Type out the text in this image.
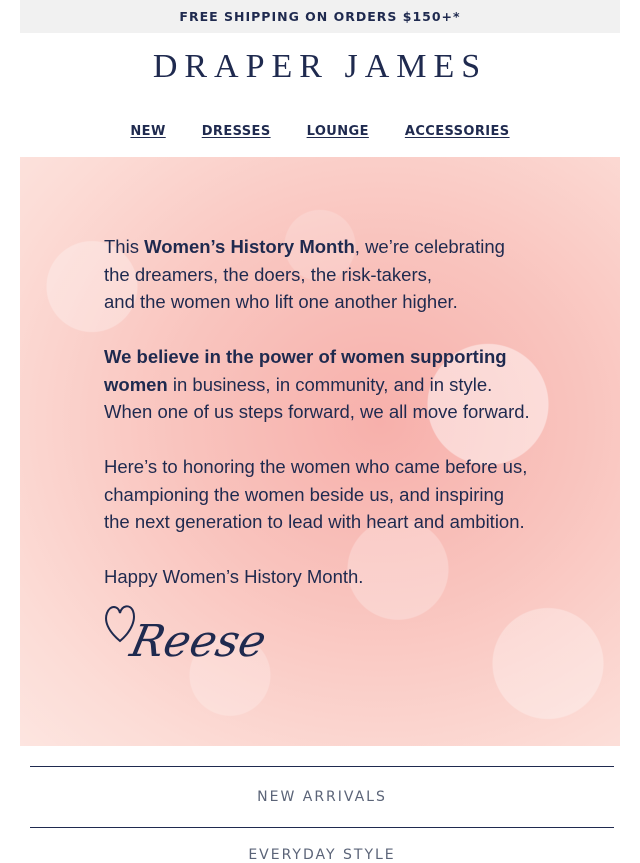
FREE SHIPPING ON ORDERS $150+*
DRAPER JAMES
NEW	DRESSES	LOUNGE	ACCESSORIES

This Women’s History Month, we’re celebrating
the dreamers, the doers, the risk-takers,
and the women who lift one another higher.

We believe in the power of women supporting
women in business, in community, and in style.
When one of us steps forward, we all move forward.

Here’s to honoring the women who came before us,
championing the women beside us, and inspiring
the next generation to lead with heart and ambition.

Happy Women’s History Month.

Reese
NEW ARRIVALS
EVERYDAY STYLE
